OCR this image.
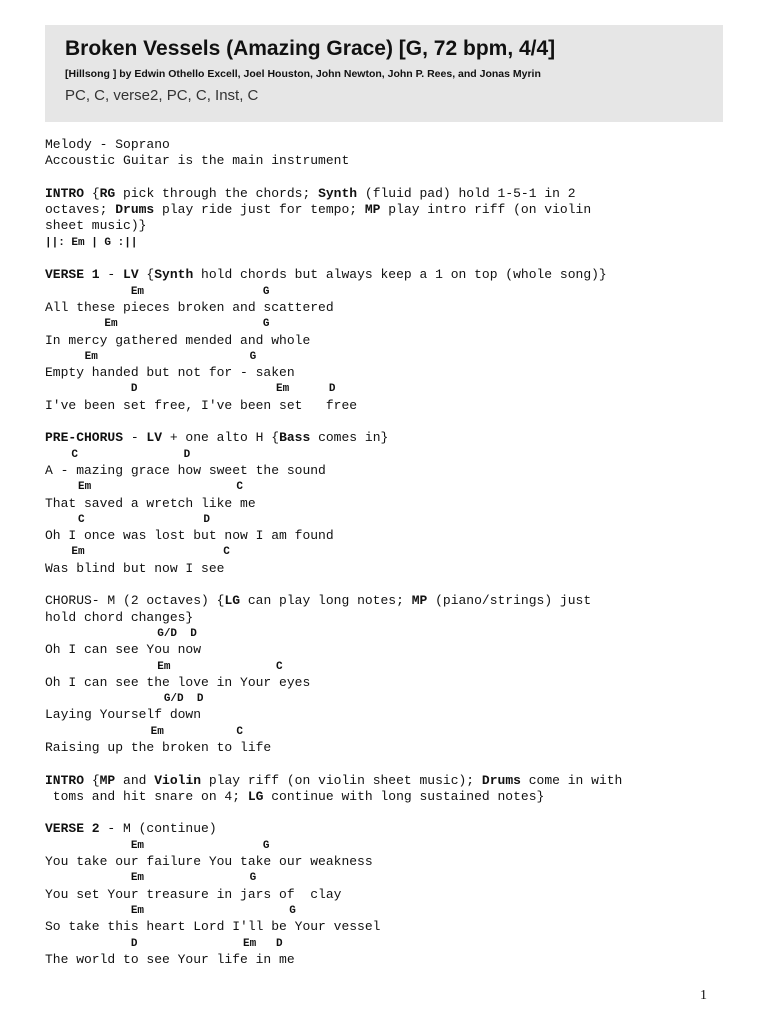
Broken Vessels (Amazing Grace) [G, 72 bpm, 4/4]
[Hillsong ] by Edwin Othello Excell, Joel Houston, John Newton, John P. Rees, and Jonas Myrin
PC, C, verse2, PC, C, Inst, C
Melody - Soprano
Accoustic Guitar is the main instrument
INTRO {RG pick through the chords; Synth (fluid pad) hold 1-5-1 in 2
octaves; Drums play ride just for tempo; MP play intro riff (on violin
sheet music)}
||: Em | G :||
VERSE 1 - LV {Synth hold chords but always keep a 1 on top (whole song)}
Em                  G
All these pieces broken and scattered
Em                      G
In mercy gathered mended and whole
Em                       G
Empty handed but not for - saken
D                     Em      D
I've been set free, I've been set   free
PRE-CHORUS - LV + one alto H {Bass comes in}
C                D
A - mazing grace how sweet the sound
Em                      C
That saved a wretch like me
C                  D
Oh I once was lost but now I am found
Em                     C
Was blind but now I see
CHORUS- M (2 octaves) {LG can play long notes; MP (piano/strings) just
hold chord changes}
G/D  D
Oh I can see You now
Em                C
Oh I can see the love in Your eyes
G/D  D
Laying Yourself down
Em           C
Raising up the broken to life
INTRO {MP and Violin play riff (on violin sheet music); Drums come in with
toms and hit snare on 4; LG continue with long sustained notes}
VERSE 2 - M (continue)
Em                  G
You take our failure You take our weakness
Em                G
You set Your treasure in jars of  clay
Em                      G
So take this heart Lord I'll be Your vessel
D                Em   D
The world to see Your life in me
1
